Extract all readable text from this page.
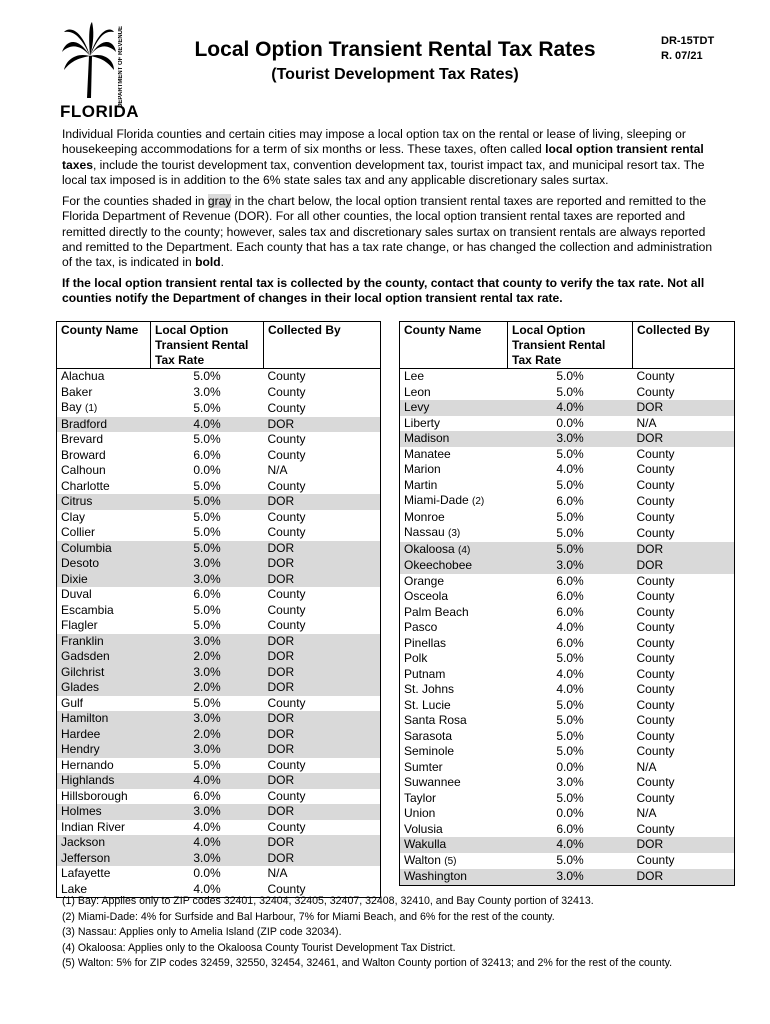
DEPARTMENT OF REVENUE
FLORIDA
Local Option Transient Rental Tax Rates
(Tourist Development Tax Rates)
DR-15TDT
R. 07/21
Individual Florida counties and certain cities may impose a local option tax on the rental or lease of living, sleeping or housekeeping accommodations for a term of six months or less. These taxes, often called local option transient rental taxes, include the tourist development tax, convention development tax, tourist impact tax, and municipal resort tax. The local tax imposed is in addition to the 6% state sales tax and any applicable discretionary sales surtax.
For the counties shaded in gray in the chart below, the local option transient rental taxes are reported and remitted to the Florida Department of Revenue (DOR). For all other counties, the local option transient rental taxes are reported and remitted directly to the county; however, sales tax and discretionary sales surtax on transient rentals are always reported and remitted to the Department. Each county that has a tax rate change, or has changed the collection and administration of the tax, is indicated in bold.
If the local option transient rental tax is collected by the county, contact that county to verify the tax rate. Not all counties notify the Department of changes in their local option transient rental tax rate.
County Name	Local Option Transient Rental Tax Rate	Collected By
Alachua	5.0%	County
Baker	3.0%	County
Bay (1)	5.0%	County
Bradford	4.0%	DOR
Brevard	5.0%	County
Broward	6.0%	County
Calhoun	0.0%	N/A
Charlotte	5.0%	County
Citrus	5.0%	DOR
Clay	5.0%	County
Collier	5.0%	County
Columbia	5.0%	DOR
Desoto	3.0%	DOR
Dixie	3.0%	DOR
Duval	6.0%	County
Escambia	5.0%	County
Flagler	5.0%	County
Franklin	3.0%	DOR
Gadsden	2.0%	DOR
Gilchrist	3.0%	DOR
Glades	2.0%	DOR
Gulf	5.0%	County
Hamilton	3.0%	DOR
Hardee	2.0%	DOR
Hendry	3.0%	DOR
Hernando	5.0%	County
Highlands	4.0%	DOR
Hillsborough	6.0%	County
Holmes	3.0%	DOR
Indian River	4.0%	County
Jackson	4.0%	DOR
Jefferson	3.0%	DOR
Lafayette	0.0%	N/A
Lake	4.0%	County
County Name	Local Option Transient Rental Tax Rate	Collected By
Lee	5.0%	County
Leon	5.0%	County
Levy	4.0%	DOR
Liberty	0.0%	N/A
Madison	3.0%	DOR
Manatee	5.0%	County
Marion	4.0%	County
Martin	5.0%	County
Miami-Dade (2)	6.0%	County
Monroe	5.0%	County
Nassau (3)	5.0%	County
Okaloosa (4)	5.0%	DOR
Okeechobee	3.0%	DOR
Orange	6.0%	County
Osceola	6.0%	County
Palm Beach	6.0%	County
Pasco	4.0%	County
Pinellas	6.0%	County
Polk	5.0%	County
Putnam	4.0%	County
St. Johns	4.0%	County
St. Lucie	5.0%	County
Santa Rosa	5.0%	County
Sarasota	5.0%	County
Seminole	5.0%	County
Sumter	0.0%	N/A
Suwannee	3.0%	County
Taylor	5.0%	County
Union	0.0%	N/A
Volusia	6.0%	County
Wakulla	4.0%	DOR
Walton (5)	5.0%	County
Washington	3.0%	DOR
(1) Bay: Applies only to ZIP codes 32401, 32404, 32405, 32407, 32408, 32410, and Bay County portion of 32413.
(2) Miami-Dade: 4% for Surfside and Bal Harbour, 7% for Miami Beach, and 6% for the rest of the county.
(3) Nassau: Applies only to Amelia Island (ZIP code 32034).
(4) Okaloosa: Applies only to the Okaloosa County Tourist Development Tax District.
(5) Walton: 5% for ZIP codes 32459, 32550, 32454, 32461, and Walton County portion of 32413; and 2% for the rest of the county.
